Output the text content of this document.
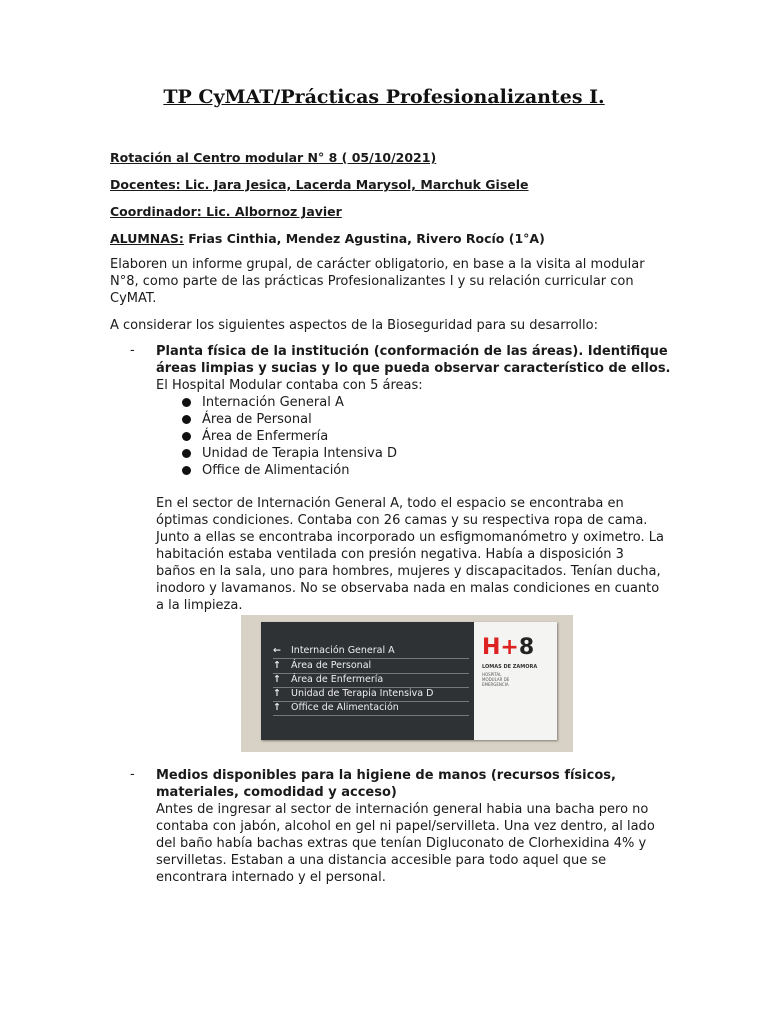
TP CyMAT/Prácticas Profesionalizantes I.
Rotación al Centro modular N° 8 ( 05/10/2021)
Docentes: Lic. Jara Jesica, Lacerda Marysol, Marchuk Gisele
Coordinador: Lic. Albornoz Javier
ALUMNAS: Frias Cinthia, Mendez Agustina, Rivero Rocío (1°A)

Elaboren un informe grupal, de carácter obligatorio, en base a la visita al modular N°8, como parte de las prácticas Profesionalizantes I y su relación curricular con CyMAT.

A considerar los siguientes aspectos de la Bioseguridad para su desarrollo:

- Planta física de la institución (conformación de las áreas). Identifique áreas limpias y sucias y lo que pueda observar característico de ellos.
El Hospital Modular contaba con 5 áreas:
Internación General A
Área de Personal
Área de Enfermería
Unidad de Terapia Intensiva D
Office de Alimentación

En el sector de Internación General A, todo el espacio se encontraba en óptimas condiciones. Contaba con 26 camas y su respectiva ropa de cama. Junto a ellas se encontraba incorporado un esfigmomanómetro y oximetro. La habitación estaba ventilada con presión negativa. Había a disposición 3 baños en la sala, uno para hombres, mujeres y discapacitados. Tenían ducha, inodoro y lavamanos. No se observaba nada en malas condiciones en cuanto a la limpieza.

← Internación General A
↑ Área de Personal
↑ Área de Enfermería
↑ Unidad de Terapia Intensiva D
↑ Office de Alimentación
H+8
LOMAS DE ZAMORA
HOSPITAL MODULAR DE EMERGENCIA
- Medios disponibles para la higiene de manos (recursos físicos, materiales, comodidad y acceso)
Antes de ingresar al sector de internación general habia una bacha pero no contaba con jabón, alcohol en gel ni papel/servilleta. Una vez dentro, al lado del baño había bachas extras que tenían Digluconato de Clorhexidina 4% y servilletas. Estaban a una distancia accesible para todo aquel que se encontrara internado y el personal.
